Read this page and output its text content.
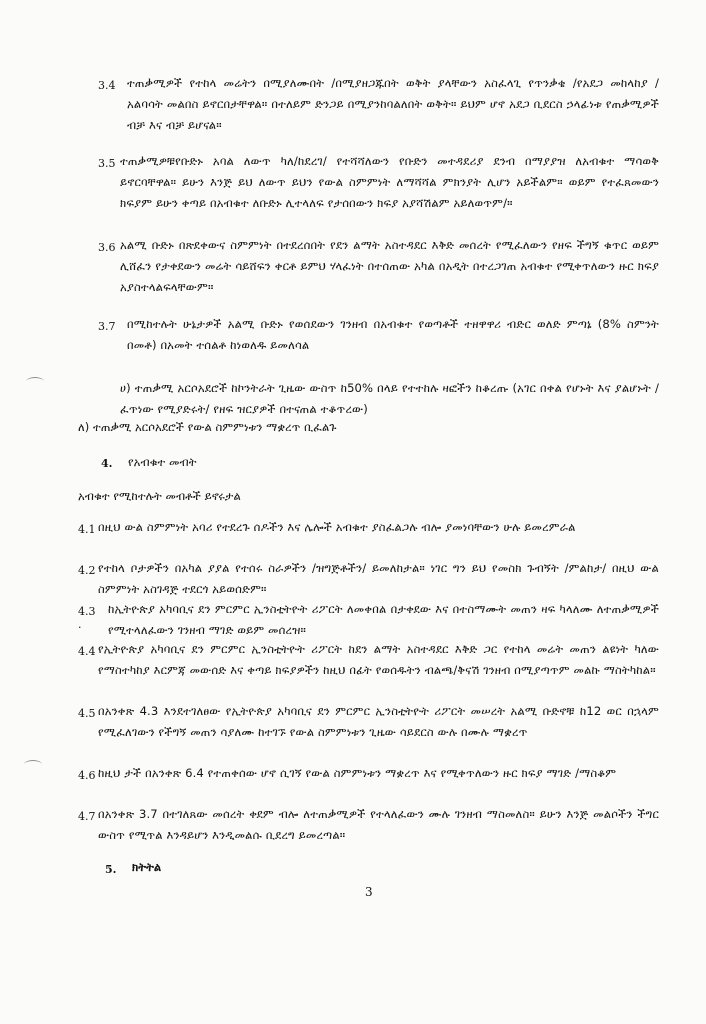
3.4 ተጠቃሚዎች የተከላ መሬትን በሚያለሙበት /በሚያዘጋጁበት ወቅት ያላቸውን አስፈላጊ የጥንቃቄ /የአደጋ መከላከያ / አልባሳት መልበስ ይኖርበታቸዋል። በተለይም ድንጋይ በሚያንከባልለበት ወቅት። ይህም ሆኖ አደጋ ቢደርስ ኃላፊነቱ የጠቃሚዎች ብቻ እና ብቻ ይሆናል።
3.5 ተጠቃሚዎቹየቡድኑ አባል ለውጥ ካለ/ከደረገ/ የተሻሻለውን የቡድን መተዳደሪያ ደንብ በማያያዝ ለአብቁተ ማሳወቅ ይኖርባቸዋል። ይሁን እንጅ ይህ ለውጥ ይህን የውል ስምምነት ለማሻሻል ምክንያት ሊሆን አይችልም። ወይም የተፈጸመውን ክፍያም ይሁን ቀጣይ በአብቁተ ለቡድኑ ሊተላለፍ የታሰበውን ክፍያ አያሻሽልም አይለወጥም/።
3.6 አልሚ ቡድኑ በጽደቀውና ስምምነት በተደረሰበት የደን ልማት አስተዳደር እቅድ መሰረት የሚፈለውን የዘፍ ችግኝ ቁጥር ወይም ሊሸፈን የታቀደውን መሬት ሳይሸፍን ቀርቶ ይምህ ሃላፈነት በተሰጠው አካል በአዲት በተረጋገጠ አብቁተ የሚቀጥለውን ዙር ክፍያ አያስተላልፍላቸውም።
3.7 በሚከተሉት ሁኔታዎች አልሚ ቡድኑ የወሰደውን ገንዘብ በአብቁተ የወጣቶች ተዘዋዋሪ ብድር ወለድ ምጣኔ (8% ስምንት በመቶ) በአመት ተሰልቶ ከነወለዱ ይመለሳል
ሀ) ተጠቃሚ አርሶአደሮች ከኮንትራት ጊዜው ውስጥ ከ50% በላይ የተተከሉ ዛፎችን ከቆረጡ (አገር በቀል የሆኑት እና ያልሆኑት /ፈጥነው የሚያድሩት/ የዘፍ ዝርያዎች በተናጠል ተቆጥረው)
ለ) ተጠቃሚ አርሶአደሮች የውል ስምምነቱን ማቋረጥ ቢፈልጉ
4. የአብቁተ መብት
አብቁተ የሚከተሉት መብቶች ይኖሩታል
4.1 በዚህ ውል ስምምነት አባሪ የተደረጉ ሰዶችን እና ሌሎች አብቁተ ያስፈልጋሉ ብሎ ያመነባቸውን ሁሉ ይመረምራል
4.2 የተከላ ቦታዎችን በአካል ያያል የተሰሩ ስራዎችን /ዝግጅቶችን/ ይመለከታል። ነገር ግን ይህ የመስክ ጉብኝት /ምልከታ/ በዚህ ውል ስምምነት አስገዳጅ ተደርጎ አይወሰድም።
4.3 .
ከኢትዮጵያ አካባቢና ደን ምርምር ኢንስቲትዮት ሪፖርት ለመቀበል በታቀደው እና በተስማሙት መጠን ዛፍ ካላለሙ ለተጠቃሚዎች የሚተላለፈውን ገንዘብ ማገድ ወይም መሰረዝ።
4.4 የኢትዮጵያ አካባቢና ደን ምርምር ኢንስቲትዮት ሪፖርት ከደን ልማት አስተዳደር እቅድ ጋር የተከላ መሬት መጠን ልዩነት ካለው የማስተካከያ እርምጃ መውሰድ እና ቀጣይ ክፍያዎችን ከዚህ በፊት የወሰዱትን ብልጫ/ቅናሽ ገንዘብ በሚያጣጥም መልኩ ማስትካከል።
4.5 በአንቀጽ 4.3 እንደተገለፀው የኢትዮጵያ አካባቢና ደን ምርምር ኢንስቲትዮት ሪፖርት መሠረት አልሚ ቡድኖቹ ከ12 ወር በኋላም የሚፈለገውን የችግኝ መጠን ሳያለሙ ከተገኙ የውል ስምምነቱን ጊዜው ሳይደርስ ውሉ በሙሉ ማቋረጥ
4.6 ከዚህ ታች በአንቀጽ 6.4 የተጠቀሰው ሆኖ ሲገኝ የውል ስምምነቱን ማቋረጥ እና የሚቀጥለውን ዙር ክፍያ ማገድ /ማስቆም
4.7 በአንቀጽ 3.7 በተገለጸው መሰረት ቀደም ብሎ ለተጠቃሚዎች የተላለፈውን ሙሉ ገንዘብ ማስመለስ። ይሁን እንጅ መልሶችን ችግር ውስጥ የሚጥል እንዳይሆን እንዲመልሱ ቢደረግ ይመረጣል።
5. ክትትል
3
